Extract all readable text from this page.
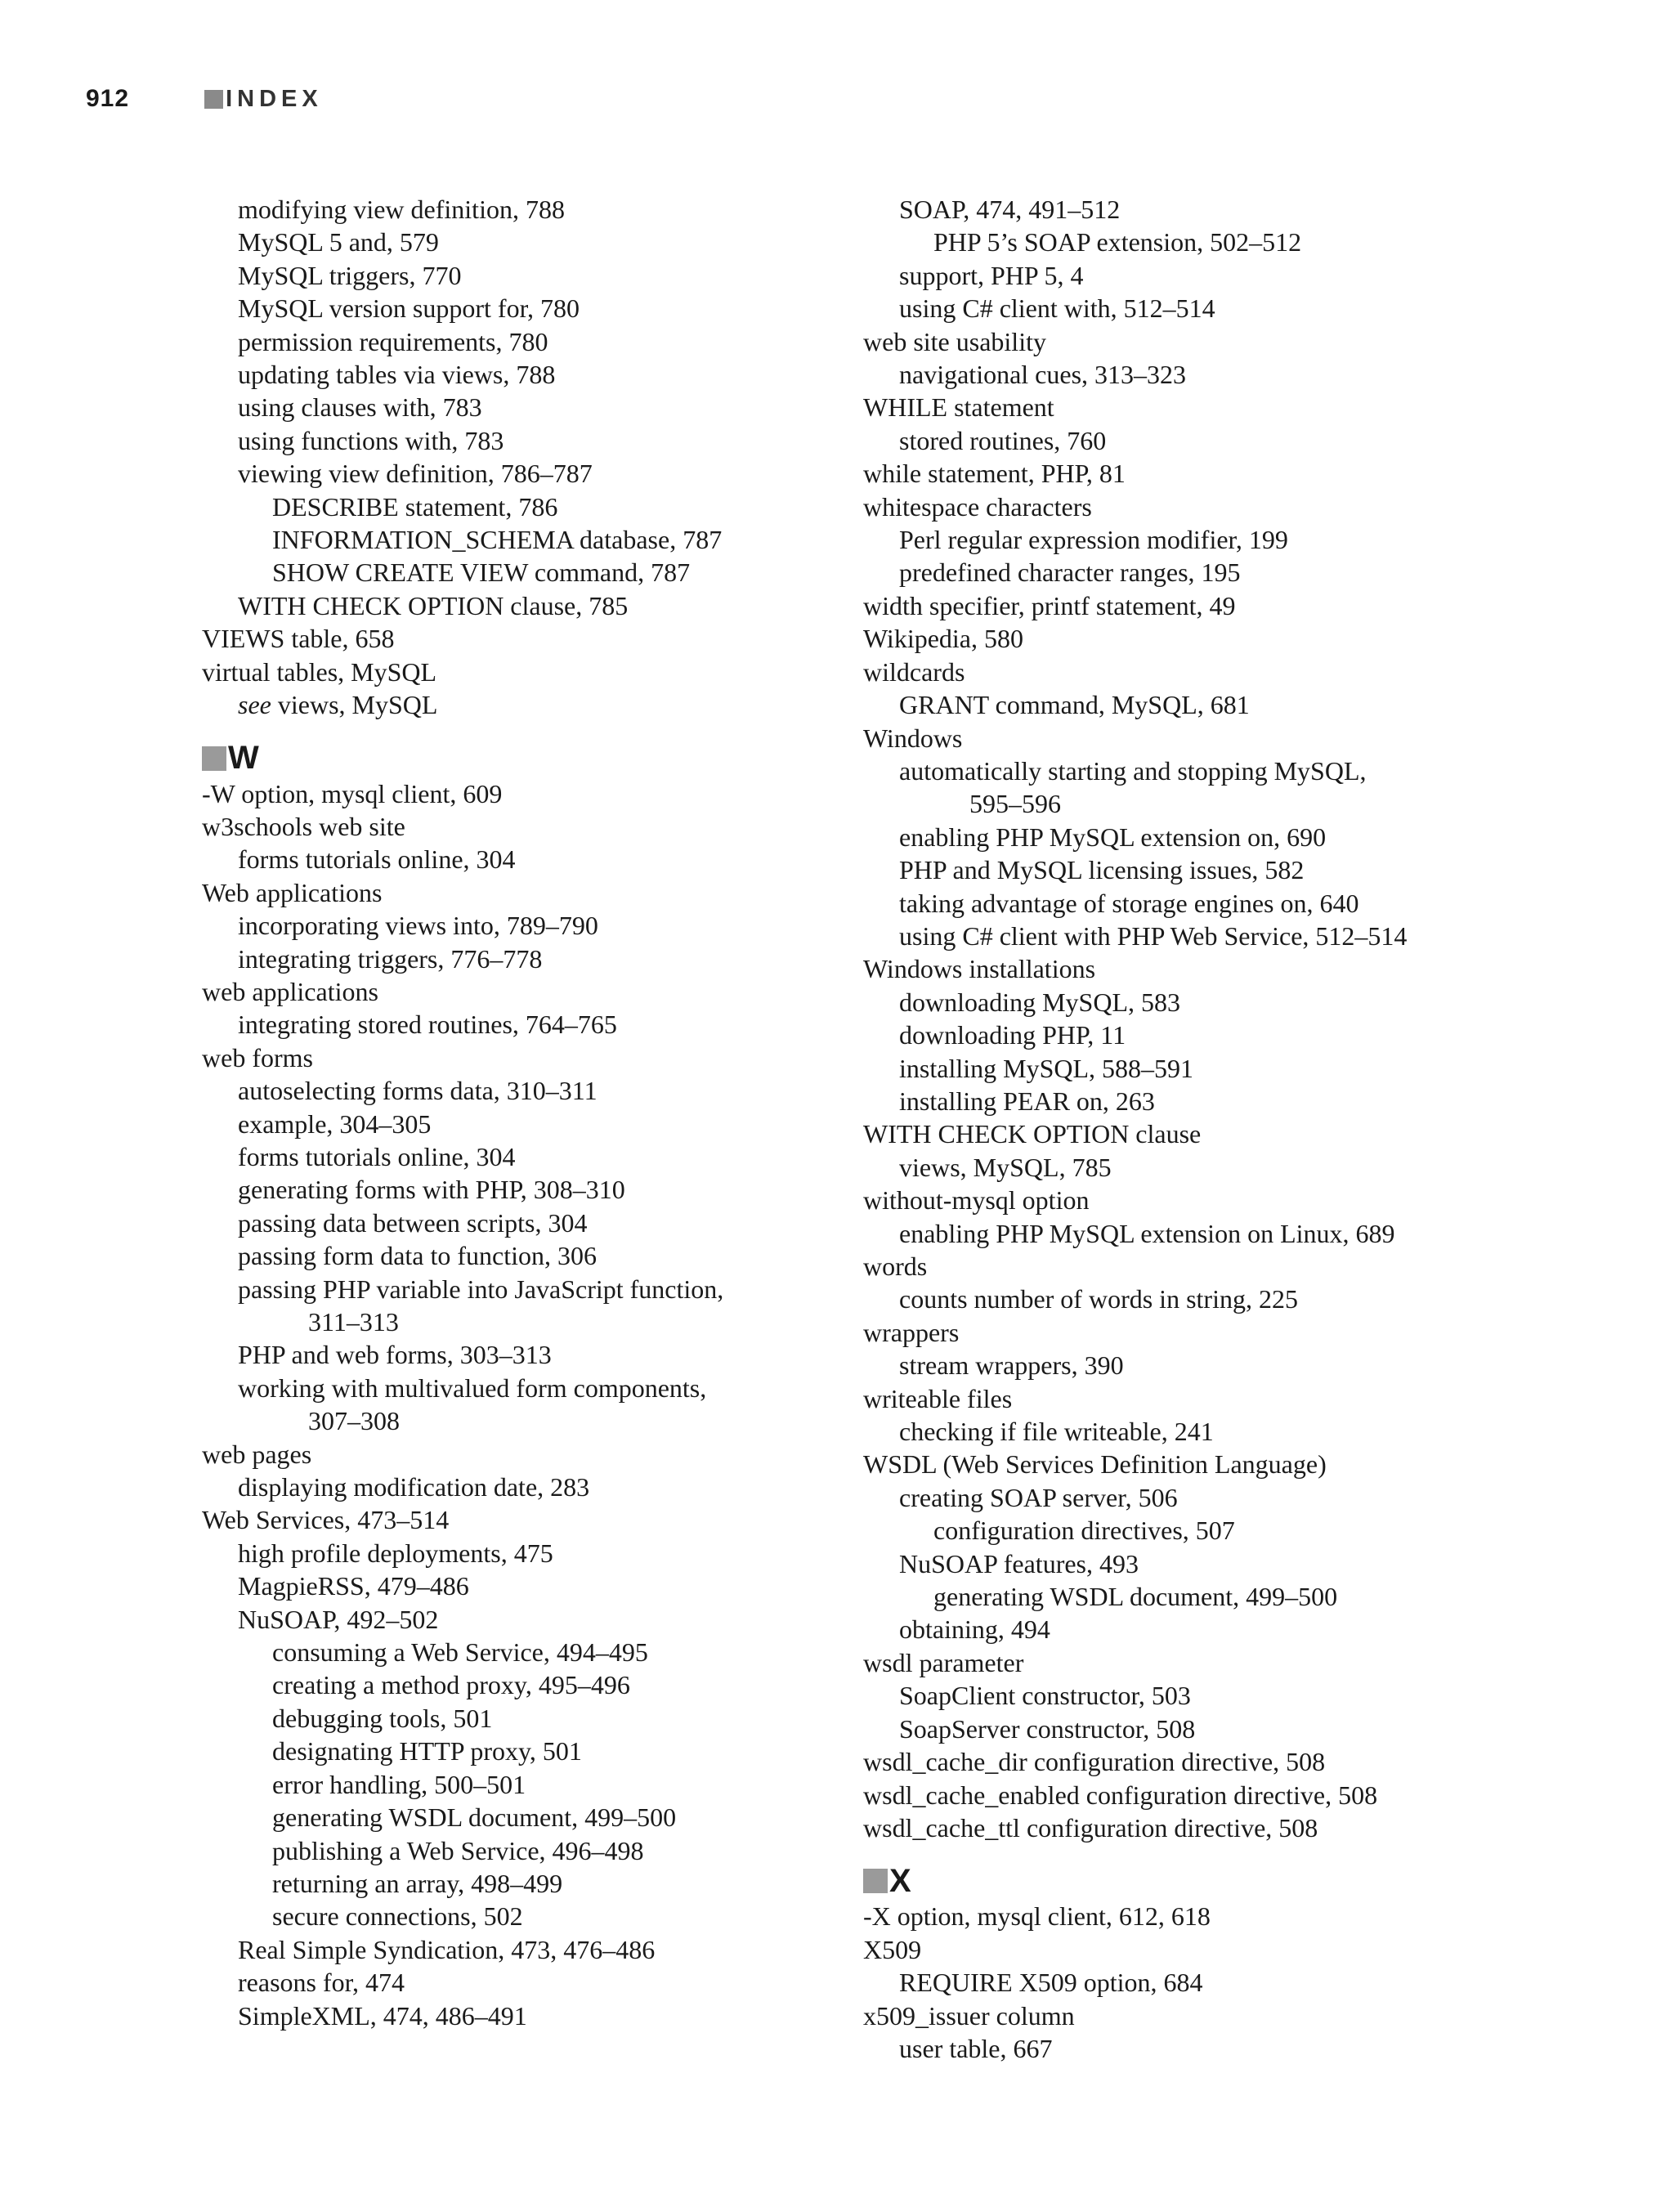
912	INDEX

modifying view definition, 788

MySQL 5 and, 579

MySQL triggers, 770

MySQL version support for, 780

permission requirements, 780

updating tables via views, 788

using clauses with, 783

using functions with, 783

viewing view definition, 786–787

DESCRIBE statement, 786

INFORMATION_SCHEMA database, 787

SHOW CREATE VIEW command, 787

WITH CHECK OPTION clause, 785

VIEWS table, 658

virtual tables, MySQL

see views, MySQL

W

-W option, mysql client, 609

w3schools web site

forms tutorials online, 304

Web applications

incorporating views into, 789–790

integrating triggers, 776–778

web applications

integrating stored routines, 764–765

web forms

autoselecting forms data, 310–311

example, 304–305

forms tutorials online, 304

generating forms with PHP, 308–310

passing data between scripts, 304

passing form data to function, 306

passing PHP variable into JavaScript function,

311–313

PHP and web forms, 303–313

working with multivalued form components,

307–308

web pages

displaying modification date, 283

Web Services, 473–514

high profile deployments, 475

MagpieRSS, 479–486

NuSOAP, 492–502

consuming a Web Service, 494–495

creating a method proxy, 495–496

debugging tools, 501

designating HTTP proxy, 501

error handling, 500–501

generating WSDL document, 499–500

publishing a Web Service, 496–498

returning an array, 498–499

secure connections, 502

Real Simple Syndication, 473, 476–486

reasons for, 474

SimpleXML, 474, 486–491

SOAP, 474, 491–512

PHP 5’s SOAP extension, 502–512

support, PHP 5, 4

using C# client with, 512–514

web site usability

navigational cues, 313–323

WHILE statement

stored routines, 760

while statement, PHP, 81

whitespace characters

Perl regular expression modifier, 199

predefined character ranges, 195

width specifier, printf statement, 49

Wikipedia, 580

wildcards

GRANT command, MySQL, 681

Windows

automatically starting and stopping MySQL,

595–596

enabling PHP MySQL extension on, 690

PHP and MySQL licensing issues, 582

taking advantage of storage engines on, 640

using C# client with PHP Web Service, 512–514

Windows installations

downloading MySQL, 583

downloading PHP, 11

installing MySQL, 588–591

installing PEAR on, 263

WITH CHECK OPTION clause

views, MySQL, 785

without-mysql option

enabling PHP MySQL extension on Linux, 689

words

counts number of words in string, 225

wrappers

stream wrappers, 390

writeable files

checking if file writeable, 241

WSDL (Web Services Definition Language)

creating SOAP server, 506

configuration directives, 507

NuSOAP features, 493

generating WSDL document, 499–500

obtaining, 494

wsdl parameter

SoapClient constructor, 503

SoapServer constructor, 508

wsdl_cache_dir configuration directive, 508

wsdl_cache_enabled configuration directive, 508

wsdl_cache_ttl configuration directive, 508

X

-X option, mysql client, 612, 618

X509

REQUIRE X509 option, 684

x509_issuer column

user table, 667
